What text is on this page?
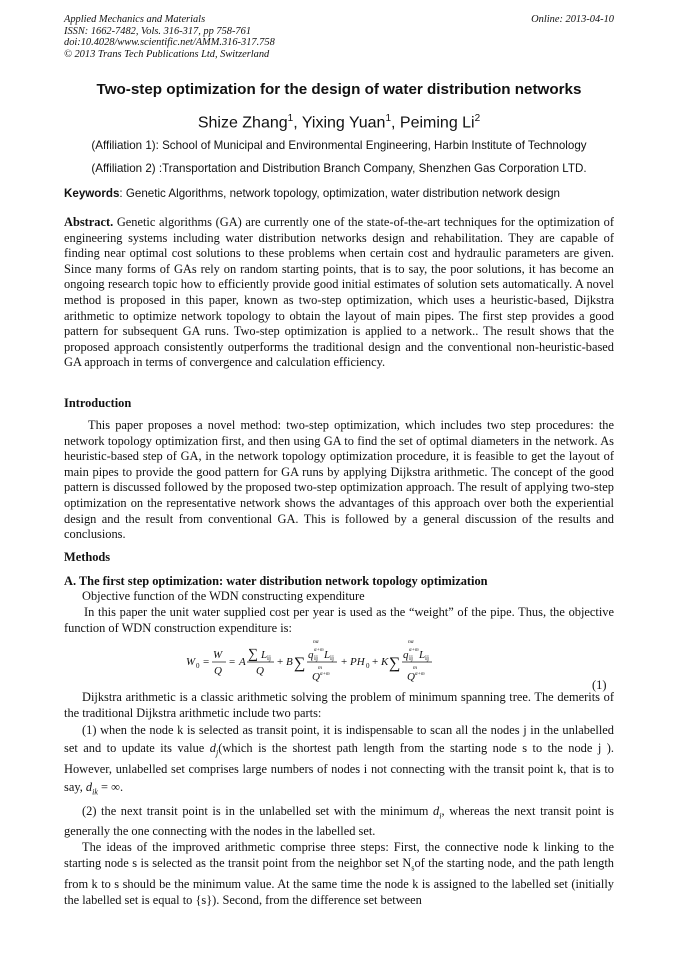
Applied Mechanics and Materials
ISSN: 1662-7482, Vols. 316-317, pp 758-761
doi:10.4028/www.scientific.net/AMM.316-317.758
© 2013 Trans Tech Publications Ltd, Switzerland
Online: 2013-04-10
Two-step optimization for the design of water distribution networks
Shize Zhang$^1$, Yixing Yuan$^1$, Peiming Li$^2$
(Affiliation 1): School of Municipal and Environmental Engineering, Harbin Institute of Technology
(Affiliation 2) :Transportation and Distribution Branch Company, Shenzhen Gas Corporation LTD.
Keywords: Genetic Algorithms, network topology, optimization, water distribution network design
Abstract. Genetic algorithms (GA) are currently one of the state-of-the-art techniques for the optimization of engineering systems including water distribution networks design and rehabilitation. They are capable of finding near optimal cost solutions to these problems when certain cost and hydraulic parameters are given. Since many forms of GAs rely on random starting points, that is to say, the poor solutions, it has become an ongoing research topic how to efficiently provide good initial estimates of solution sets automatically. A novel method is proposed in this paper, known as two-step optimization, which uses a heuristic-based, Dijkstra arithmetic to optimize network topology to obtain the layout of main pipes. The first step provides a good pattern for subsequent GA runs. Two-step optimization is applied to a network.. The result shows that the proposed approach consistently outperforms the traditional design and the conventional non-heuristic-based GA approach in terms of convergence and calculation efficiency.
Introduction
This paper proposes a novel method: two-step optimization, which includes two step procedures: the network topology optimization first, and then using GA to find the set of optimal diameters in the network. As heuristic-based step of GA, in the network topology optimization procedure, it is feasible to get the layout of main pipes to provide the good pattern for GA runs by applying Dijkstra arithmetic. The concept of the good pattern is discussed followed by the proposed two-step optimization approach. The result of applying two-step optimization on the representative network shows the advantages of this approach over both the experiential design and the result from conventional GA. This is followed by a general discussion of the results and conclusions.
Methods
A. The first step optimization: water distribution network topology optimization
Objective function of the WDN constructing expenditure
In this paper the unit water supplied cost per year is used as the “weight” of the pipe. Thus, the objective function of WDN construction expenditure is:
W 0 =
W
Q
= A ∑ L ij
Q
+ B ∑
nα
q ij
α+m L ij
m
Q α+m
+ PH 0 + K ∑
nα
q ij
α+m L ij
m
Q α+m
(1)
Dijkstra arithmetic is a classic arithmetic solving the problem of minimum spanning tree. The demerits of the traditional Dijkstra arithmetic include two parts:
(1) when the node k is selected as transit point, it is indispensable to scan all the nodes j in the unlabelled set and to update its value $d_j(which$ is the shortest path length from the starting node s to the node j ). However, unlabelled set comprises large numbers of nodes i not connecting with the transit point k, that is to say, $d_{ik}$ = ∞.
(2) the next transit point is in the unlabelled set with the minimum $d_i$, whereas the next transit point is generally the one connecting with the nodes in the labelled set.
The ideas of the improved arithmetic comprise three steps: First, the connective node k linking to the starting node s is selected as the transit point from the neighbor set $N_sof$ the starting node, and the path length from k to s should be the minimum value. At the same time the node k is assigned to the labelled set (initially the labelled set is equal to {s}). Second, from the difference set between
